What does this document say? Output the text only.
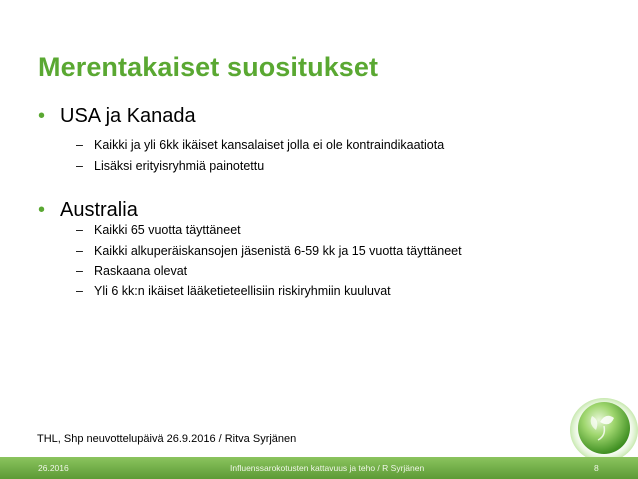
Merentakaiset suositukset
• USA ja Kanada
– Kaikki ja yli 6kk ikäiset kansalaiset jolla ei ole kontraindikaatiota
– Lisäksi erityisryhmiä painotettu
• Australia
– Kaikki 65 vuotta täyttäneet
– Kaikki alkuperäiskansojen jäsenistä 6-59 kk ja 15 vuotta täyttäneet
– Raskaana olevat
– Yli 6 kk:n ikäiset lääketieteellisiin riskiryhmiin kuuluvat
THL, Shp neuvottelupäivä 26.9.2016 / Ritva Syrjänen
26.2016	Influenssarokotusten kattavuus ja teho / R Syrjänen	8
